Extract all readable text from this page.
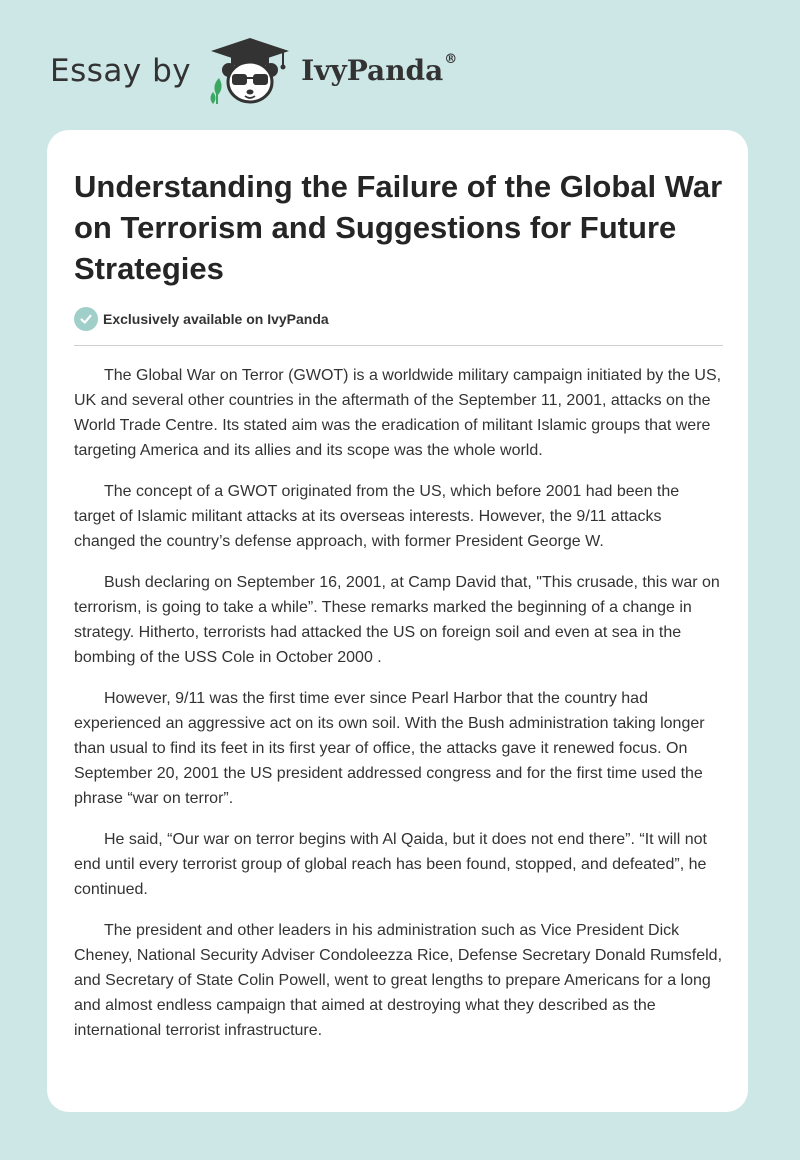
Essay by	IvyPanda®
Understanding the Failure of the Global War on Terrorism and Suggestions for Future Strategies
Exclusively available on IvyPanda

The Global War on Terror (GWOT) is a worldwide military campaign initiated by the US, UK and several other countries in the aftermath of the September 11, 2001, attacks on the World Trade Centre. Its stated aim was the eradication of militant Islamic groups that were targeting America and its allies and its scope was the whole world.

The concept of a GWOT originated from the US, which before 2001 had been the target of Islamic militant attacks at its overseas interests. However, the 9/11 attacks changed the country’s defense approach, with former President George W.

Bush declaring on September 16, 2001, at Camp David that, "This crusade, this war on terrorism, is going to take a while”. These remarks marked the beginning of a change in strategy. Hitherto, terrorists had attacked the US on foreign soil and even at sea in the bombing of the USS Cole in October 2000 .

However, 9/11 was the first time ever since Pearl Harbor that the country had experienced an aggressive act on its own soil. With the Bush administration taking longer than usual to find its feet in its first year of office, the attacks gave it renewed focus. On September 20, 2001 the US president addressed congress and for the first time used the phrase “war on terror”.

He said, “Our war on terror begins with Al Qaida, but it does not end there”. “It will not end until every terrorist group of global reach has been found, stopped, and defeated”, he continued.

The president and other leaders in his administration such as Vice President Dick Cheney, National Security Adviser Condoleezza Rice, Defense Secretary Donald Rumsfeld, and Secretary of State Colin Powell, went to great lengths to prepare Americans for a long and almost endless campaign that aimed at destroying what they described as the international terrorist infrastructure.
